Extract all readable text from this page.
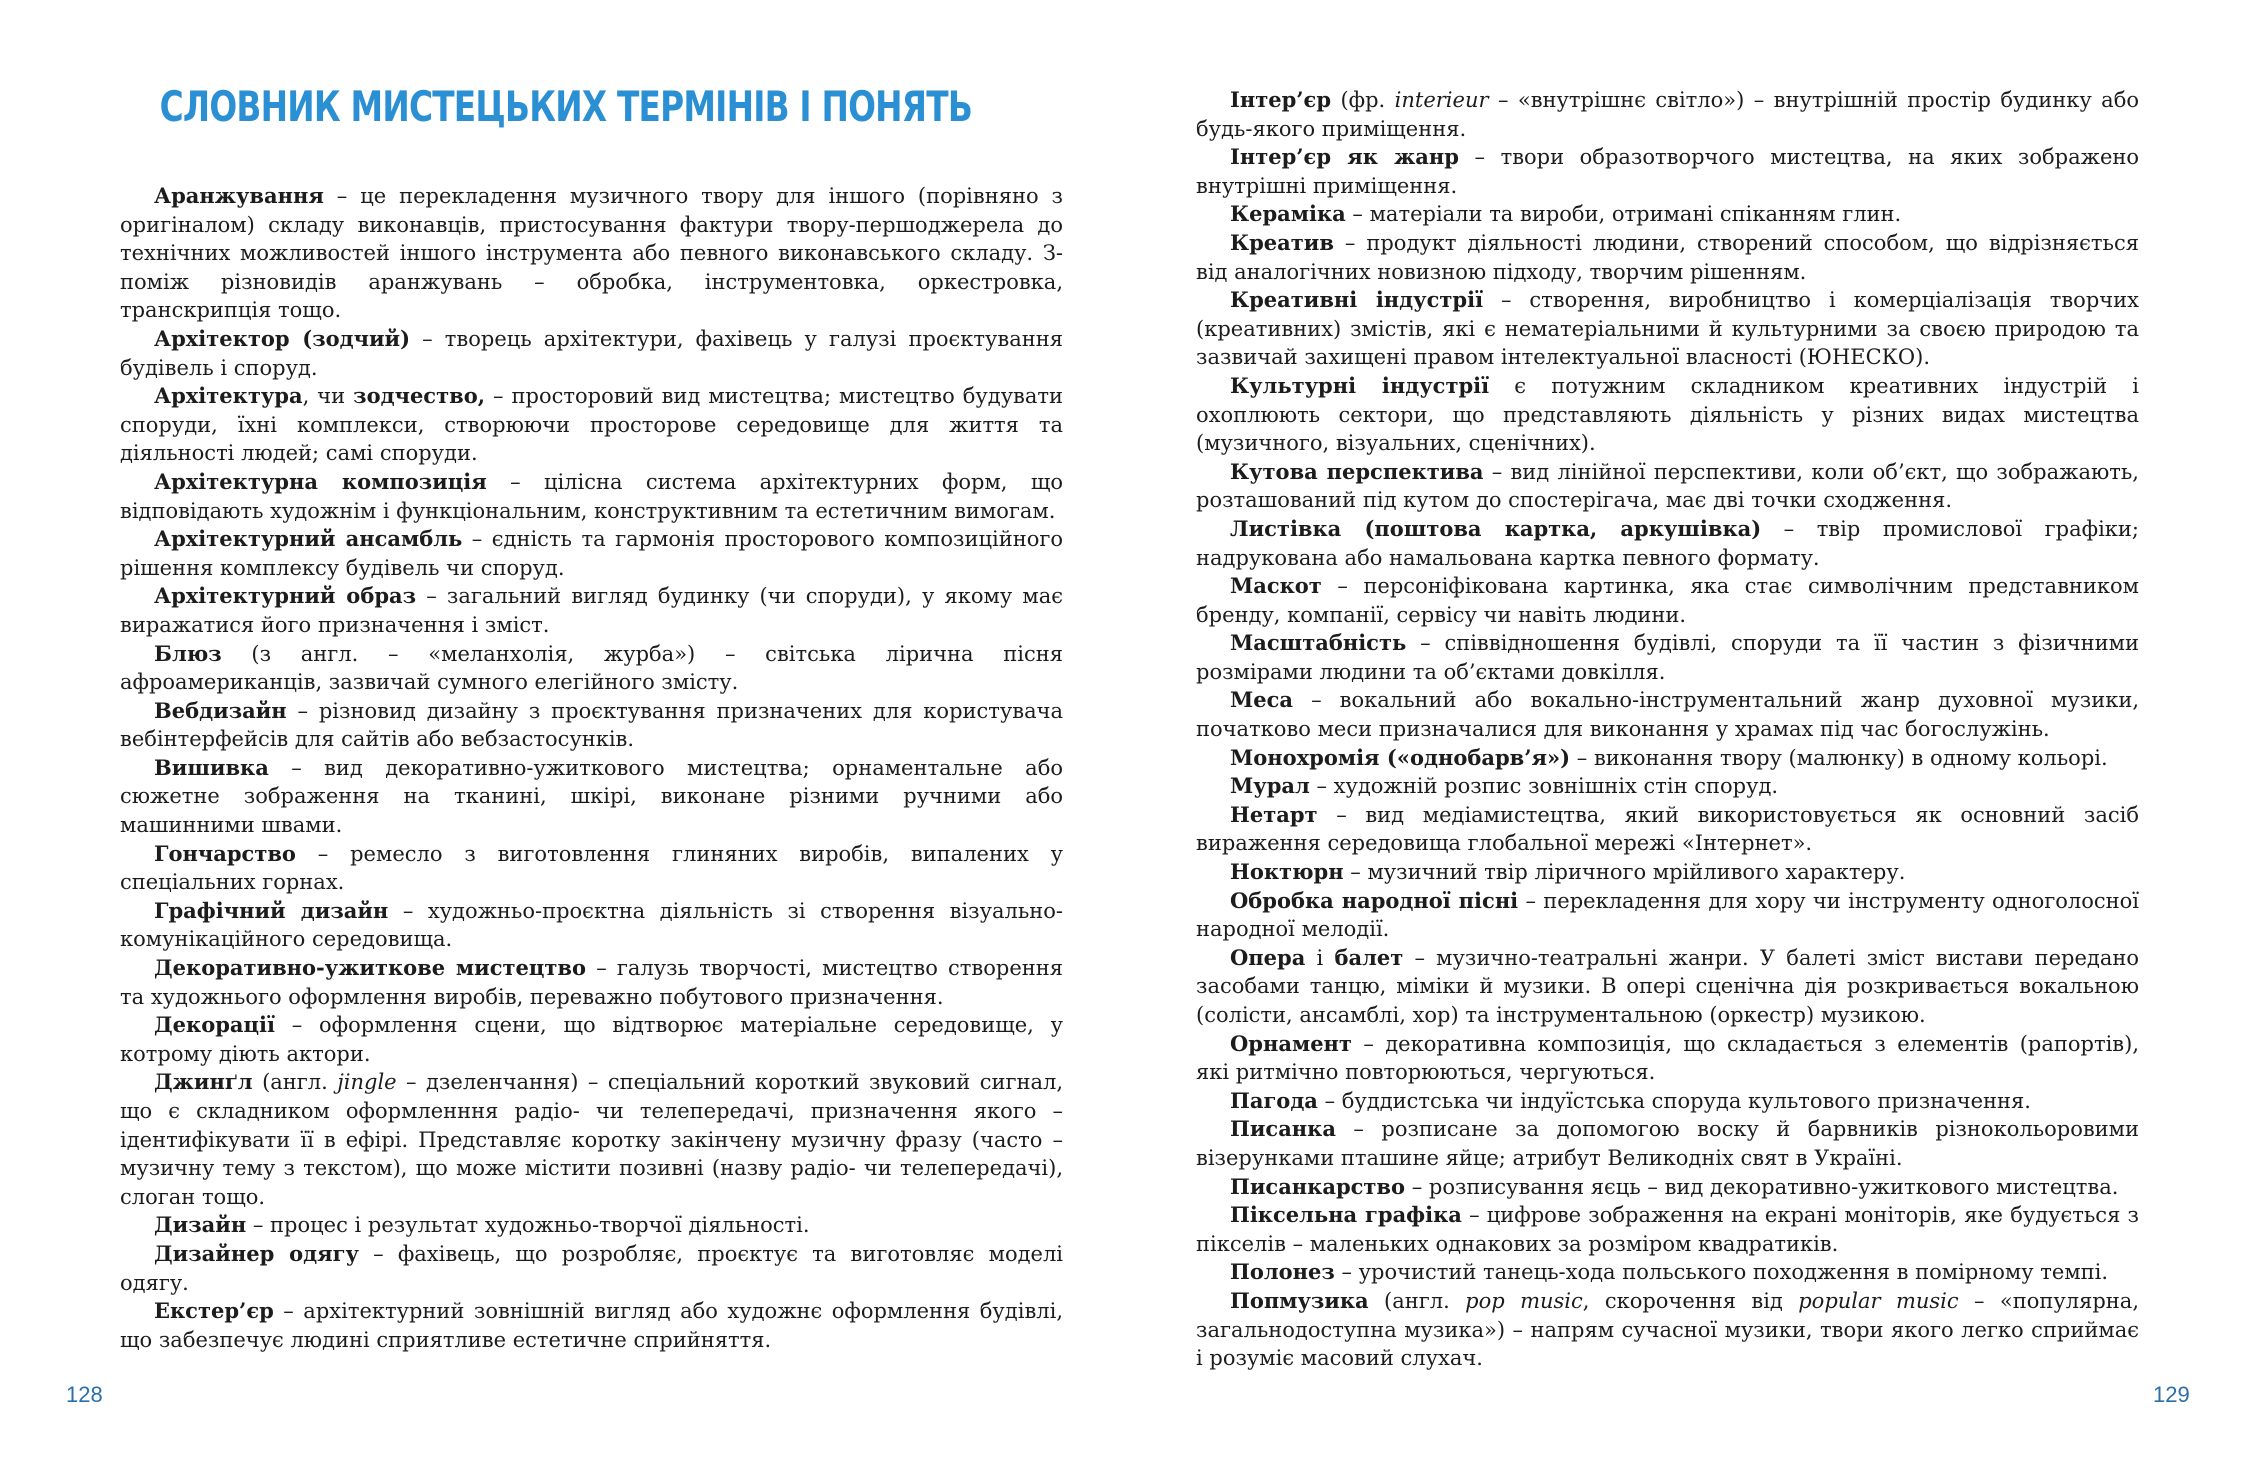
СЛОВНИК МИСТЕЦЬКИХ ТЕРМІНІВ І ПОНЯТЬ

Аранжування – це перекладення музичного твору для іншого (порівняно з оригіналом) складу виконавців, пристосування фактури твору-першоджерела до технічних можливостей іншого інструмента або певного виконавського складу. З-поміж різновидів аранжувань – обробка, інструментовка, оркестровка, транскрипція тощо.

Архітектор (зодчий) – творець архітектури, фахівець у галузі проєктування будівель і споруд.

Архітектура, чи зодчество, – просторовий вид мистецтва; мистецтво будувати споруди, їхні комплекси, створюючи просторове середовище для життя та діяльності людей; самі споруди.

Архітектурна композиція – цілісна система архітектурних форм, що відповідають художнім і функціональним, конструктивним та естетичним вимогам.

Архітектурний ансамбль – єдність та гармонія просторового композиційного рішення комплексу будівель чи споруд.

Архітектурний образ – загальний вигляд будинку (чи споруди), у якому має виражатися його призначення і зміст.

Блюз (з англ. – «меланхолія, журба») – світська лірична пісня афроамериканців, зазвичай сумного елегійного змісту.

Вебдизайн – різновид дизайну з проєктування призначених для користувача вебінтерфейсів для сайтів або вебзастосунків.

Вишивка – вид декоративно-ужиткового мистецтва; орнаментальне або сюжетне зображення на тканині, шкірі, виконане різними ручними або машинними швами.

Гончарство – ремесло з виготовлення глиняних виробів, випалених у спеціальних горнах.

Графічний дизайн – художньо-проєктна діяльність зі створення візуально-комунікаційного середовища.

Декоративно-ужиткове мистецтво – галузь творчості, мистецтво створення та художнього оформлення виробів, переважно побутового призначення.

Декорації – оформлення сцени, що відтворює матеріальне середовище, у котрому діють актори.

Джинґл (англ. jingle – дзеленчання) – спеціальний короткий звуковий сигнал, що є складником оформленння радіо- чи телепередачі, призначення якого – ідентифікувати її в ефірі. Представляє коротку закінчену музичну фразу (часто – музичну тему з текстом), що може містити позивні (назву радіо- чи телепередачі), слоган тощо.

Дизайн – процес і результат художньо-творчої діяльності.

Дизайнер одягу – фахівець, що розробляє, проєктує та виготовляє моделі одягу.

Екстер’єр – архітектурний зовнішній вигляд або художнє оформлення будівлі, що забезпечує людині сприятливе естетичне сприйняття.

128

Інтер’єр (фр. interieur – «внутрішнє світло») – внутрішній простір будинку або будь-якого приміщення.

Інтер’єр як жанр – твори образотворчого мистецтва, на яких зображено внутрішні приміщення.

Кераміка – матеріали та вироби, отримані спіканням глин.

Креатив – продукт діяльності людини, створений способом, що відрізняється від аналогічних новизною підходу, творчим рішенням.

Креативні індустрії – створення, виробництво і комерціалізація творчих (креативних) змістів, які є нематеріальними й культурними за своєю природою та зазвичай захищені правом інтелектуальної власності (ЮНЕСКО).

Культурні індустрії є потужним складником креативних індустрій і охоплюють сектори, що представляють діяльність у різних видах мистецтва (музичного, візуальних, сценічних).

Кутова перспектива – вид лінійної перспективи, коли об’єкт, що зображають, розташований під кутом до спостерігача, має дві точки сходження.

Листівка (поштова картка, аркушівка) – твір промислової графіки; надрукована або намальована картка певного формату.

Маскот – персоніфікована картинка, яка стає символічним представником бренду, компанії, сервісу чи навіть людини.

Масштабність – співвідношення будівлі, споруди та її частин з фізичними розмірами людини та об’єктами довкілля.

Меса – вокальний або вокально-інструментальний жанр духовної музики, початково меси призначалися для виконання у храмах під час богослужінь.

Монохромія («однобарв’я») – виконання твору (малюнку) в одному кольорі.

Мурал – художній розпис зовнішніх стін споруд.

Нетарт – вид медіамистецтва, який використовується як основний засіб вираження середовища глобальної мережі «Інтернет».

Ноктюрн – музичний твір ліричного мрійливого характеру.

Обробка народної пісні – перекладення для хору чи інструменту одноголосної народної мелодії.

Опера і балет – музично-театральні жанри. У балеті зміст вистави передано засобами танцю, міміки й музики. В опері сценічна дія розкривається вокальною (солісти, ансамблі, хор) та інструментальною (оркестр) музикою.

Орнамент – декоративна композиція, що складається з елементів (рапортів), які ритмічно повторюються, чергуються.

Пагода – буддистська чи індуїстська споруда культового призначення.

Писанка – розписане за допомогою воску й барвників різнокольоровими візерунками пташине яйце; атрибут Великодніх свят в Україні.

Писанкарство – розписування яєць – вид декоративно-ужиткового мистецтва.

Піксельна графіка – цифрове зображення на екрані моніторів, яке будується з пікселів – маленьких однакових за розміром квадратиків.

Полонез – урочистий танець-хода польського походження в помірному темпі.

Попмузика (англ. pop music, скорочення від popular music – «популярна, загальнодоступна музика») – напрям сучасної музики, твори якого легко сприймає і розуміє масовий слухач.

129
